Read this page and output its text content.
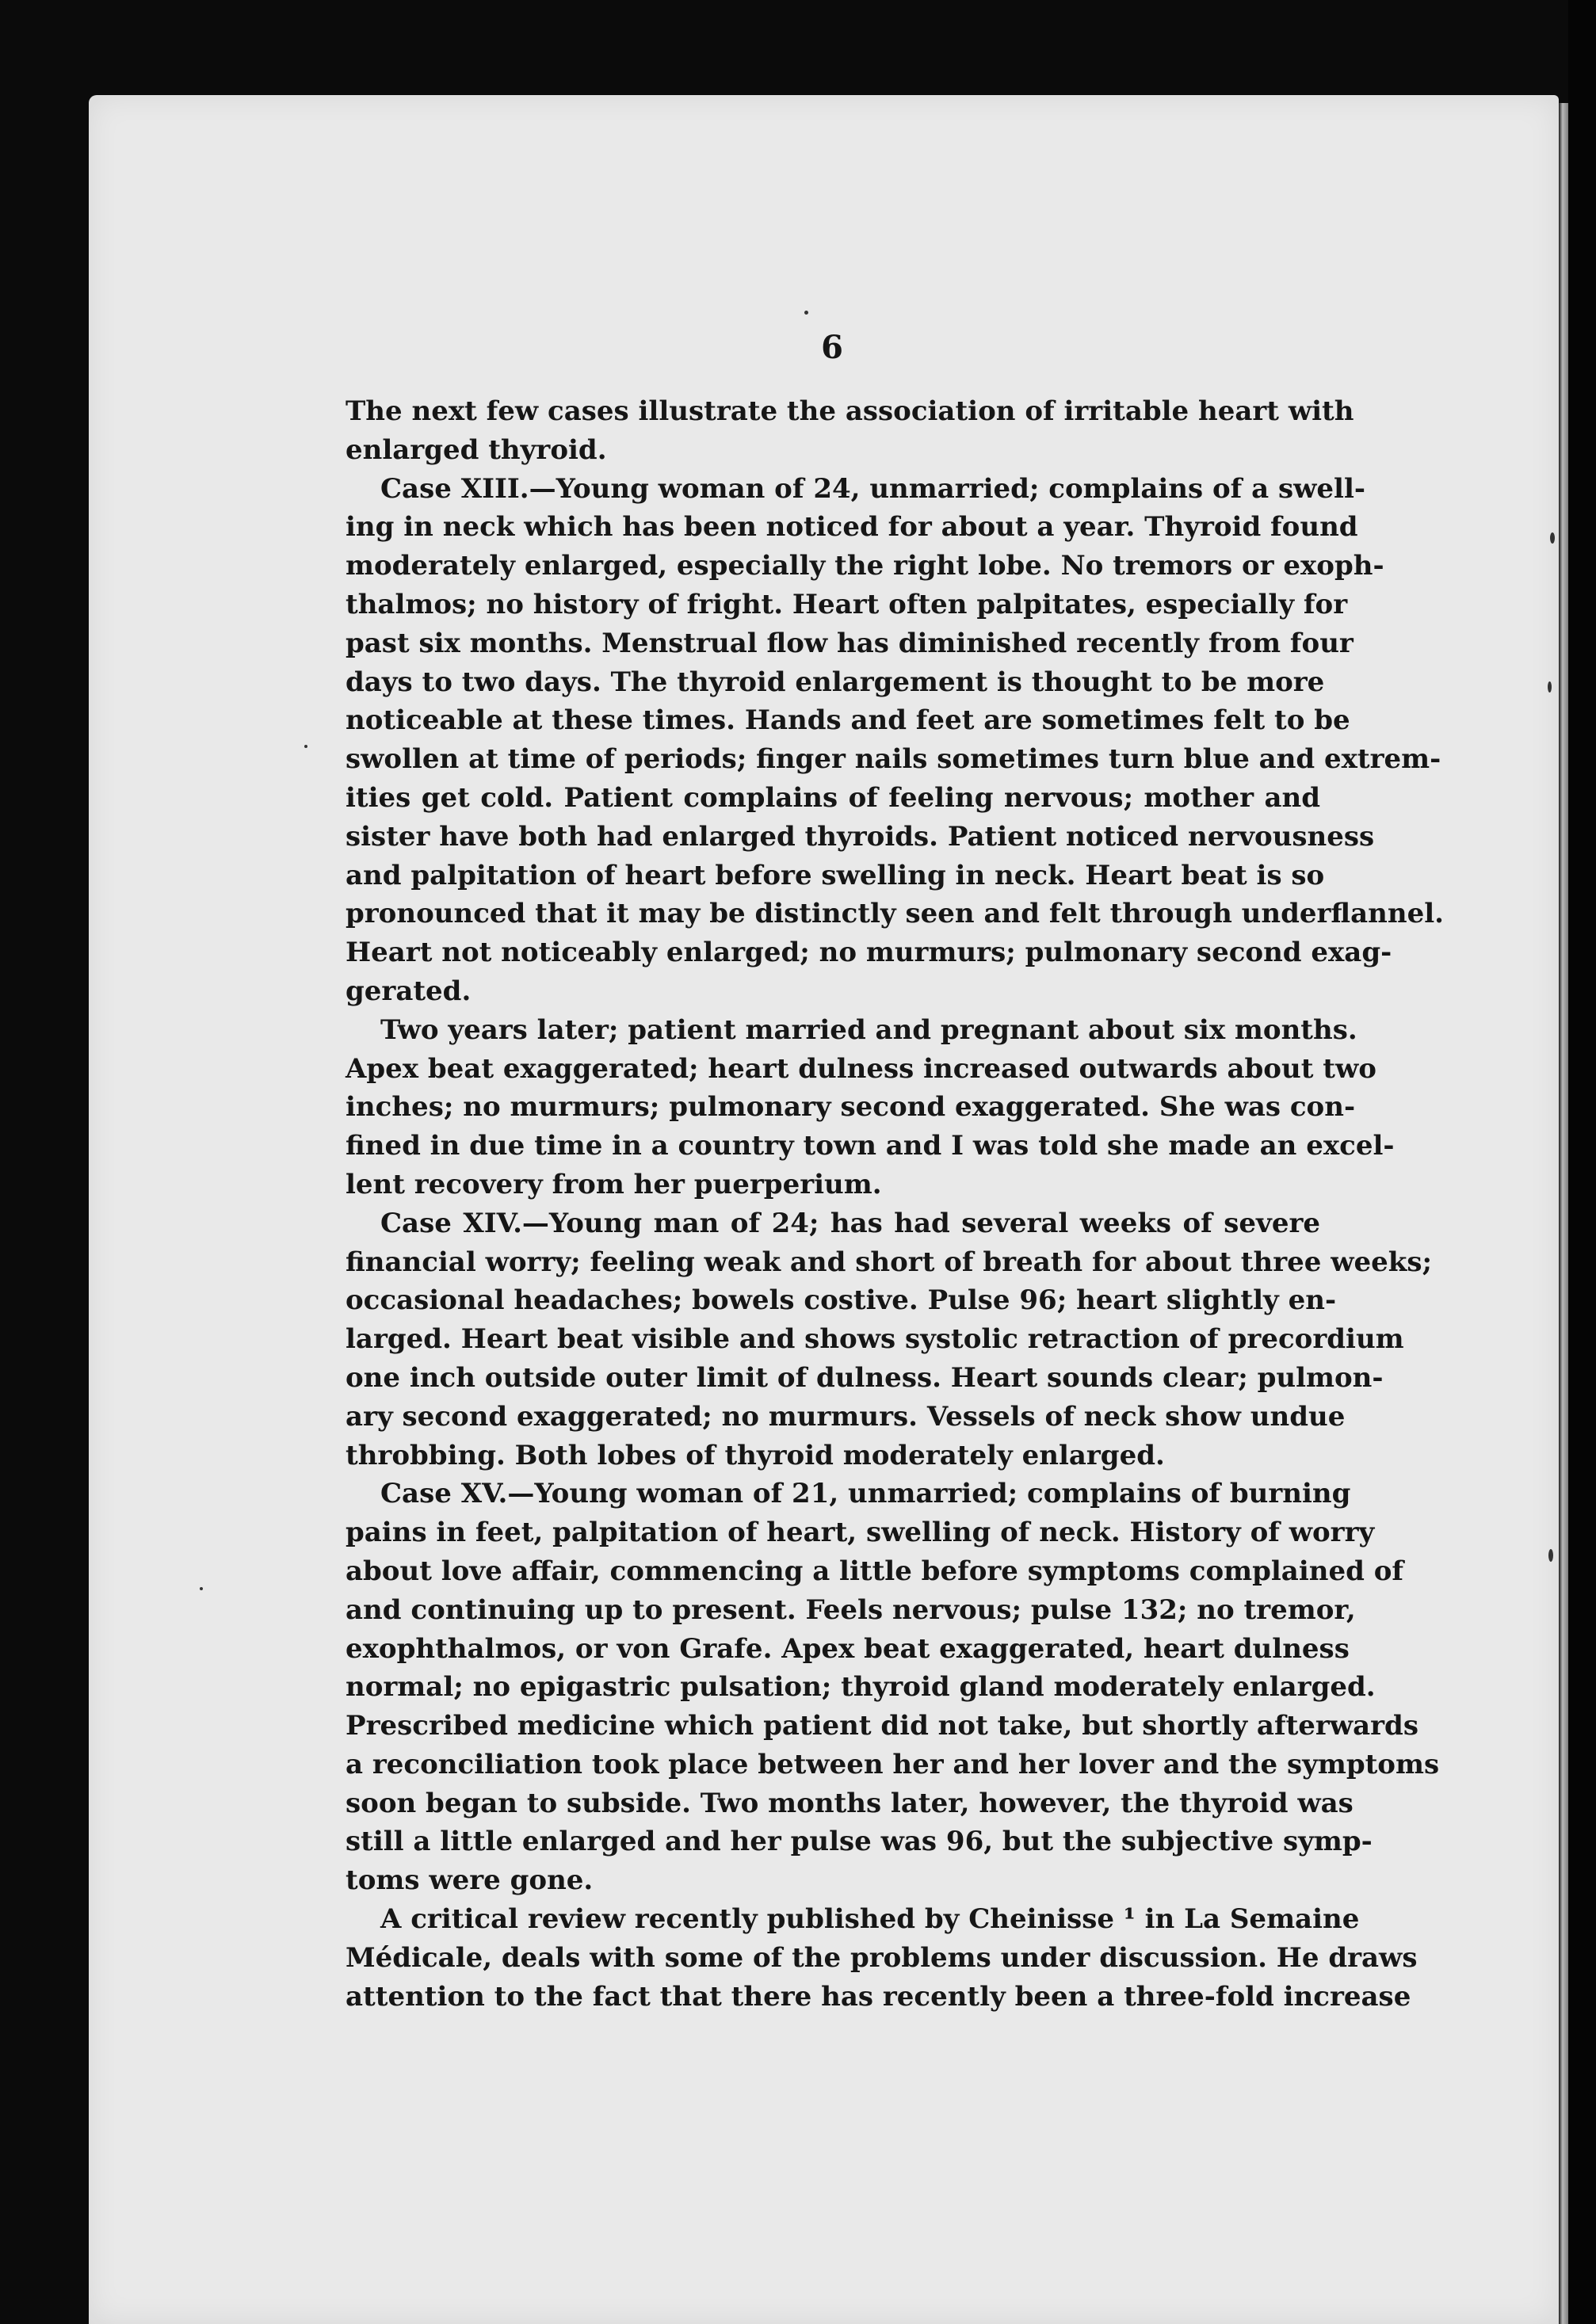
6
The next few cases illustrate the association of irritable heart with
enlarged thyroid.
Case XIII.—Young woman of 24, unmarried; complains of a swell-
ing in neck which has been noticed for about a year. Thyroid found
moderately enlarged, especially the right lobe. No tremors or exoph-
thalmos; no history of fright. Heart often palpitates, especially for
past six months. Menstrual flow has diminished recently from four
days to two days. The thyroid enlargement is thought to be more
noticeable at these times. Hands and feet are sometimes felt to be
swollen at time of periods; finger nails sometimes turn blue and extrem-
ities get cold. Patient complains of feeling nervous; mother and
sister have both had enlarged thyroids. Patient noticed nervousness
and palpitation of heart before swelling in neck. Heart beat is so
pronounced that it may be distinctly seen and felt through underflannel.
Heart not noticeably enlarged; no murmurs; pulmonary second exag-
gerated.
Two years later; patient married and pregnant about six months.
Apex beat exaggerated; heart dulness increased outwards about two
inches; no murmurs; pulmonary second exaggerated. She was con-
fined in due time in a country town and I was told she made an excel-
lent recovery from her puerperium.
Case XIV.—Young man of 24; has had several weeks of severe
financial worry; feeling weak and short of breath for about three weeks;
occasional headaches; bowels costive. Pulse 96; heart slightly en-
larged. Heart beat visible and shows systolic retraction of precordium
one inch outside outer limit of dulness. Heart sounds clear; pulmon-
ary second exaggerated; no murmurs. Vessels of neck show undue
throbbing. Both lobes of thyroid moderately enlarged.
Case XV.—Young woman of 21, unmarried; complains of burning
pains in feet, palpitation of heart, swelling of neck. History of worry
about love affair, commencing a little before symptoms complained of
and continuing up to present. Feels nervous; pulse 132; no tremor,
exophthalmos, or von Grafe. Apex beat exaggerated, heart dulness
normal; no epigastric pulsation; thyroid gland moderately enlarged.
Prescribed medicine which patient did not take, but shortly afterwards
a reconciliation took place between her and her lover and the symptoms
soon began to subside. Two months later, however, the thyroid was
still a little enlarged and her pulse was 96, but the subjective symp-
toms were gone.
A critical review recently published by Cheinisse ¹ in La Semaine
Médicale, deals with some of the problems under discussion. He draws
attention to the fact that there has recently been a three-fold increase
